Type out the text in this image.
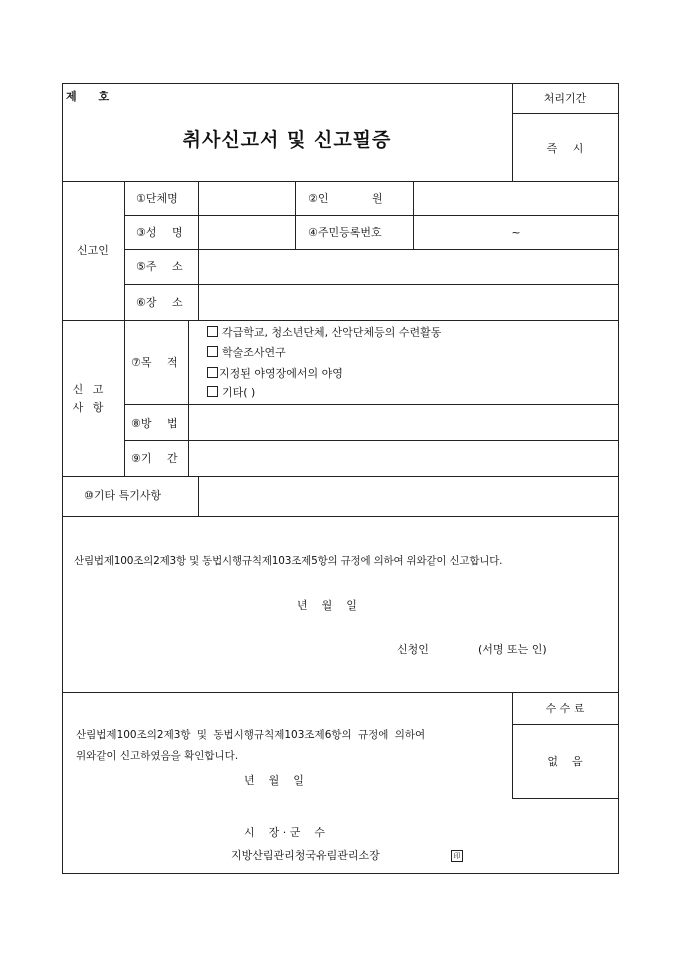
제 호
취사신고서 및 신고필증
처리기간
즉 시
신고인
①단체명	②인 원
③성 명	④주민등록번호	~
⑤주 소
⑥장 소
신 고
사 항
⑦목 적
각급학교, 청소년단체, 산악단체등의 수련활동
학술조사연구
지정된 야영장에서의 야영
기타( )
⑧방 법
⑨기 간
⑩기타 특기사항
산림법제100조의2제3항 및 동법시행규칙제103조제5항의 규정에 의하여 위와같이 신고합니다.
년    월    일
신청인	(서명 또는 인)
산림법제100조의2제3항 및 동법시행규칙제103조제6항의 규정에 의하여
위와같이 신고하였음을 확인합니다.
년    월    일
수 수 료
없    음
시    장 · 군    수
지방산림관리청국유림관리소장	印
